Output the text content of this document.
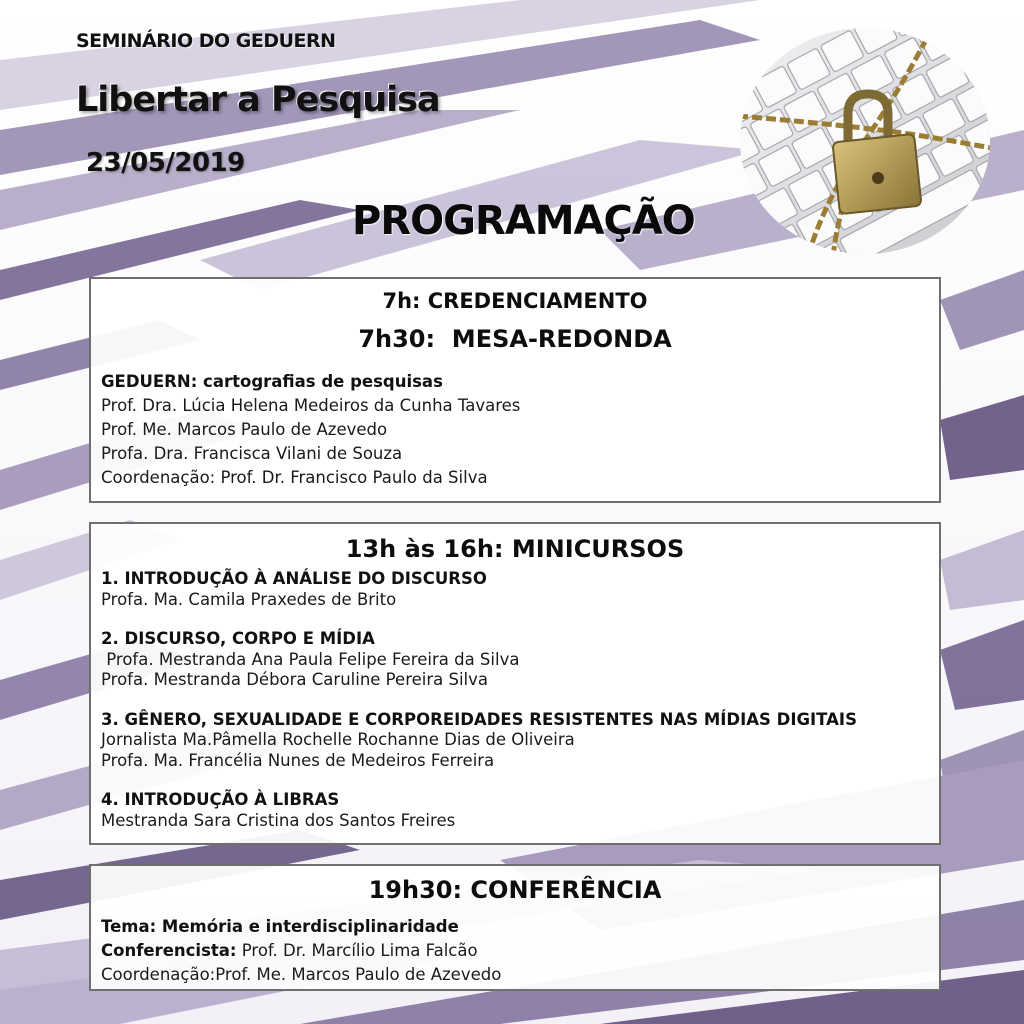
SEMINÁRIO DO GEDUERN
Libertar a Pesquisa
23/05/2019
PROGRAMAÇÃO
7h: CREDENCIAMENTO
7h30:  MESA-REDONDA
GEDUERN: cartografias de pesquisas
Prof. Dra. Lúcia Helena Medeiros da Cunha Tavares
Prof. Me. Marcos Paulo de Azevedo
Profa. Dra. Francisca Vilani de Souza
Coordenação: Prof. Dr. Francisco Paulo da Silva
13h às 16h: MINICURSOS
1. INTRODUÇÃO À ANÁLISE DO DISCURSO
Profa. Ma. Camila Praxedes de Brito
2. DISCURSO, CORPO E MÍDIA
Profa. Mestranda Ana Paula Felipe Fereira da Silva
Profa. Mestranda Débora Caruline Pereira Silva
3. GÊNERO, SEXUALIDADE E CORPOREIDADES RESISTENTES NAS MÍDIAS DIGITAIS
Jornalista Ma.Pâmella Rochelle Rochanne Dias de Oliveira
Profa. Ma. Francélia Nunes de Medeiros Ferreira
4. INTRODUÇÃO À LIBRAS
Mestranda Sara Cristina dos Santos Freires
19h30: CONFERÊNCIA
Tema: Memória e interdisciplinaridade
Conferencista: Prof. Dr. Marcílio Lima Falcão
Coordenação:Prof. Me. Marcos Paulo de Azevedo
